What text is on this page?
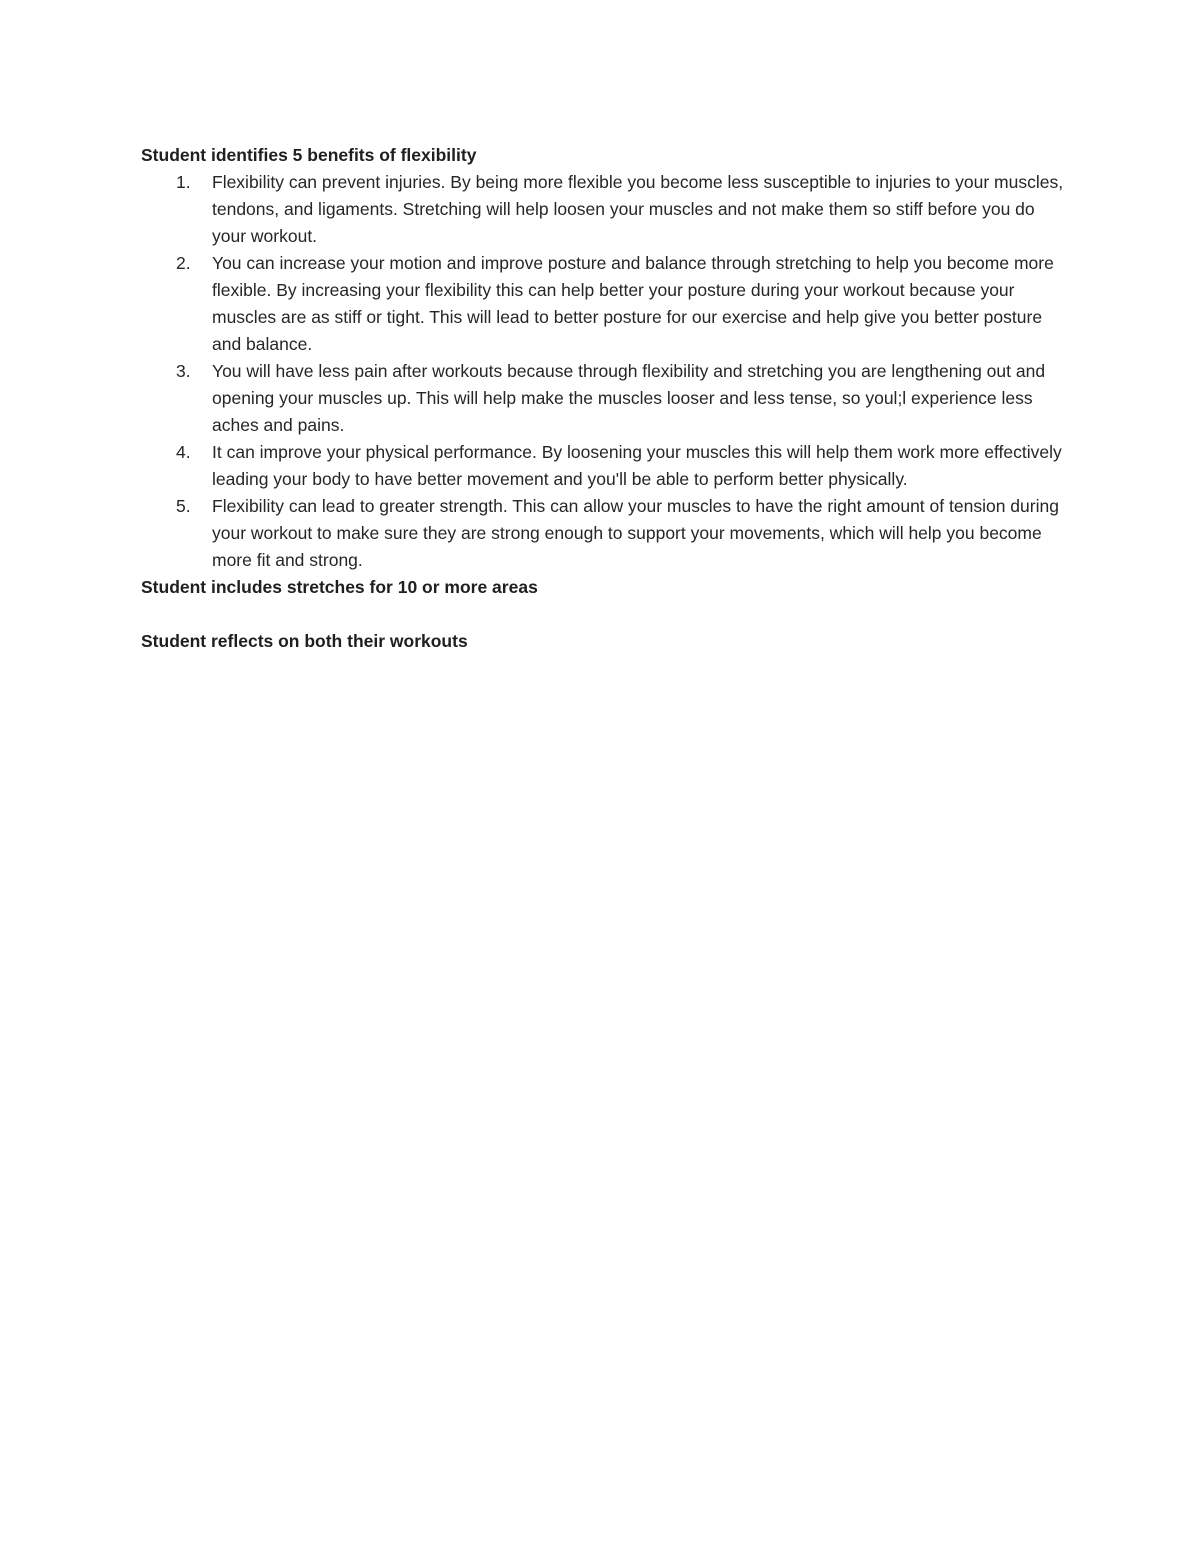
Student identifies 5 benefits of flexibility

1. Flexibility can prevent injuries. By being more flexible you become less susceptible to injuries to your muscles, tendons, and ligaments. Stretching will help loosen your muscles and not make them so stiff before you do your workout.
2. You can increase your motion and improve posture and balance through stretching to help you become more flexible. By increasing your flexibility this can help better your posture during your workout because your muscles are as stiff or tight. This will lead to better posture for our exercise and help give you better posture and balance.
3. You will have less pain after workouts because through flexibility and stretching you are lengthening out and opening your muscles up. This will help make the muscles looser and less tense, so youl;l experience less aches and pains.
4. It can improve your physical performance. By loosening your muscles this will help them work more effectively leading your body to have better movement and you'll be able to perform better physically.
5. Flexibility can lead to greater strength. This can allow your muscles to have the right amount of tension during your workout to make sure they are strong enough to support your movements, which will help you become more fit and strong.

Student includes stretches for 10 or more areas

Student reflects on both their workouts
